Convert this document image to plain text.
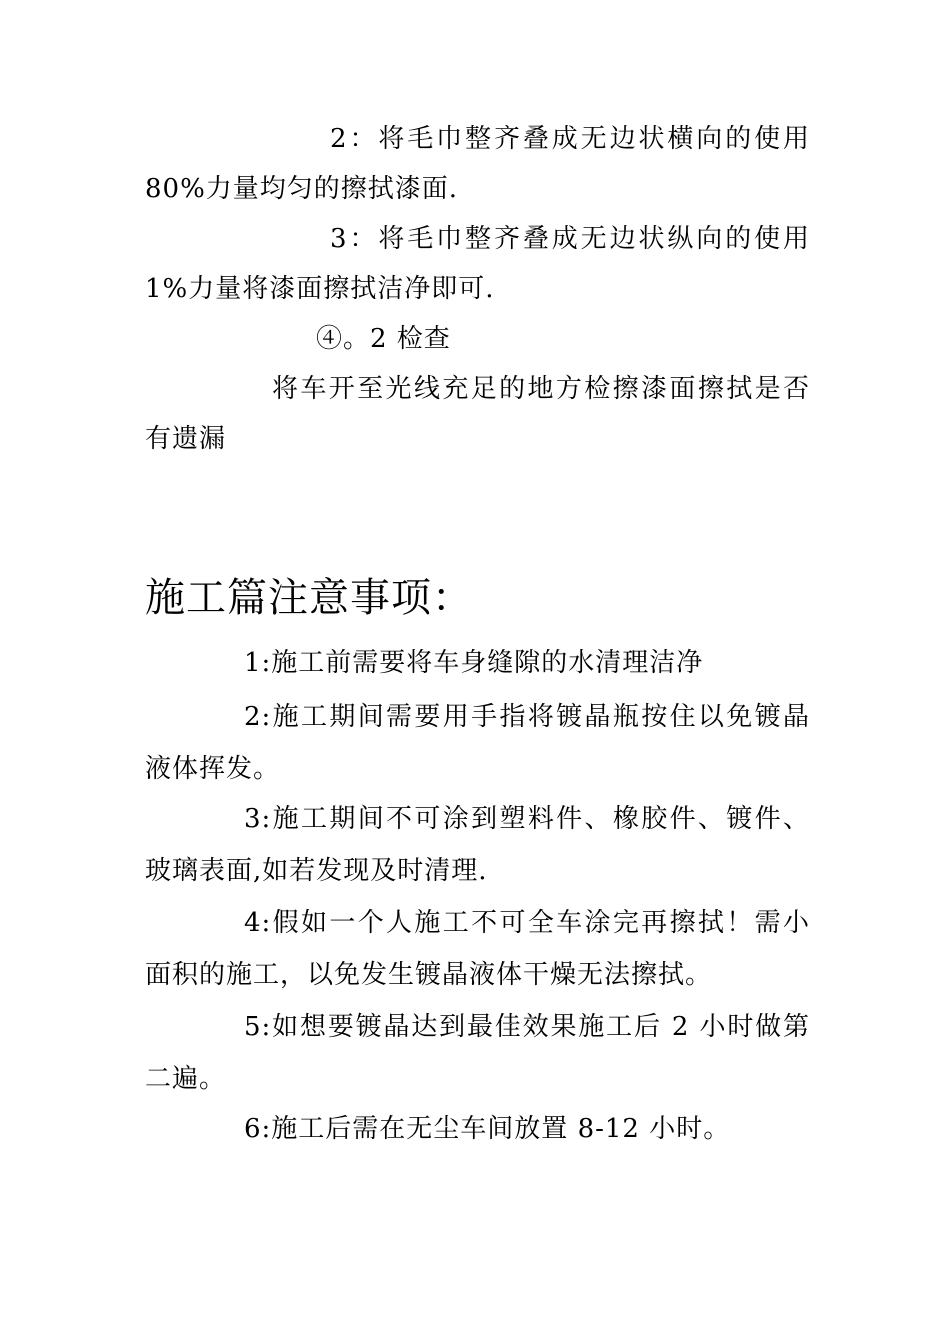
2：将毛巾整齐叠成无边状横向的使用
80%力量均匀的擦拭漆面.
3：将毛巾整齐叠成无边状纵向的使用
1%力量将漆面擦拭洁净即可.
④。2 检查
将车开至光线充足的地方检擦漆面擦拭是否
有遗漏
施工篇注意事项：
1:施工前需要将车身缝隙的水清理洁净
2:施工期间需要用手指将镀晶瓶按住以免镀晶
液体挥发。
3:施工期间不可涂到塑料件、橡胶件、镀件、
玻璃表面,如若发现及时清理.
4:假如一个人施工不可全车涂完再擦拭！需小
面积的施工，以免发生镀晶液体干燥无法擦拭。
5:如想要镀晶达到最佳效果施工后 2 小时做第
二遍。
6:施工后需在无尘车间放置 8-12 小时。
